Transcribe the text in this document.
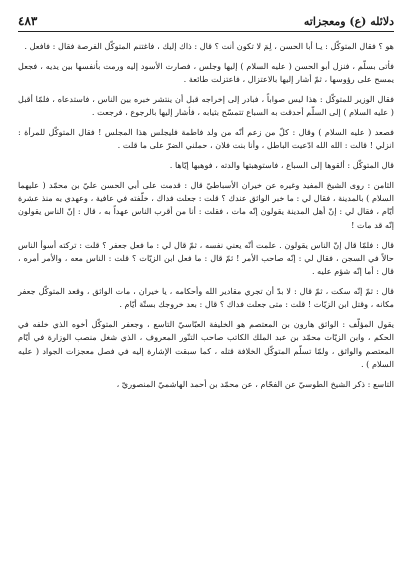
دلائله (ع) ومعجزاته
٤٨٣

هو ؟ فقال المتوكّل : يـا أبا الحسن ، لِمَ لا تكون أنت ؟ قال : ذاك إليك ، فاغتنم المتوكّل الفرصة فقال : فافعل .

فأتى بسلّم ، فنزل أبو الحسن ( عليه السلام ) إليها وجلس ، فصارت الأسود إليه ورمت بأنفسها بين يديه ، فجعل يمسح على رؤوسها ، ثمّ أشار إليها بالاعتزال ، فاعتزلت طائعة .

فقال الوزير للمتوكّل : هذا ليس صواباً ، فبادر إلى إخراجه قبل أن ينتشر خبره بين الناس ، فاستدعاه ، فلمّا أقبل ( عليه السلام ) إلى السلّم أحدقت به السباع تتمسّح بثيابه ، فأشار إليها بالرجوع ، فرجعت .

فصعد ( عليه السلام ) وقال : كلّ من زعم أنّه من ولد فاطمة فليجلس هذا المجلس ! فقال المتوكّل للمرأة : انزلي ! قالت : الله الله ادّعيت الباطل ، وأنا بنت فلان ، حملني الضرّ على ما قلت .

قال المتوكّل : ألقوها إلى السباع ، فاستوهبتها والدته ، فوهبها إيّاها .

الثامن : روى الشيخ المفيد وغيره عن خيران الأسباطيّ قال : قدمت على أبي الحسن عليّ بن محمّد ( عليهما السلام ) بالمدينة ، فقال لي : ما خبر الواثق عندك ؟ قلت : جعلت فداك ، خلّفته في عافية ، وعهدي به منذ عشرة أيّام ، فقال لي : إنّ أهل المدينة يقولون إنّه مات ، فقلت : أنا من أقرب الناس عهداً به ، قال : إنّ الناس يقولون إنّه قد مات !

قال : فلمّا قال إنّ الناس يقولون . علمت أنّه يعني نفسه ، ثمّ قال لي : ما فعل جعفر ؟ قلت : تركته أسوأ الناس حالاً في السجن ، فقال لي : إنّه صاحب الأمر ! ثمّ قال : ما فعل ابن الزيّات ؟ قلت : الناس معه ، والأمر أمره ، قال : أما إنّه شؤم عليه .

قال : ثمّ إنّه سكت ، ثمّ قال : لا بدّ أن تجري مقادير الله وأحكامه ، يا خيران ، مات الواثق ، وقعد المتوكّل جعفر مكانه ، وقتل ابن الزيّات ! قلت : متى جعلت فداك ؟ قال : بعد خروجك بستّة أيّام .

يقول المؤلّف : الواثق هارون بن المعتصم هو الخليفة العبّاسيّ التاسع ، وجعفر المتوكّل أخوه الذي خلفه في الحكم ، وابن الزيّات محمّد بن عبد الملك الكاتب صاحب التنّور المعروف ، الذي شغل منصب الوزارة في أيّام المعتصم والواثق ، ولمّا تسلّم المتوكّل الخلافة قتله ، كما سبقت الإشارة إليه في فصل معجزات الجواد ( عليه السلام ) .

التاسع : ذكر الشيخ الطوسيّ عن الفحّام ، عن محمّد بن أحمد الهاشميّ المنصوريّ ،
